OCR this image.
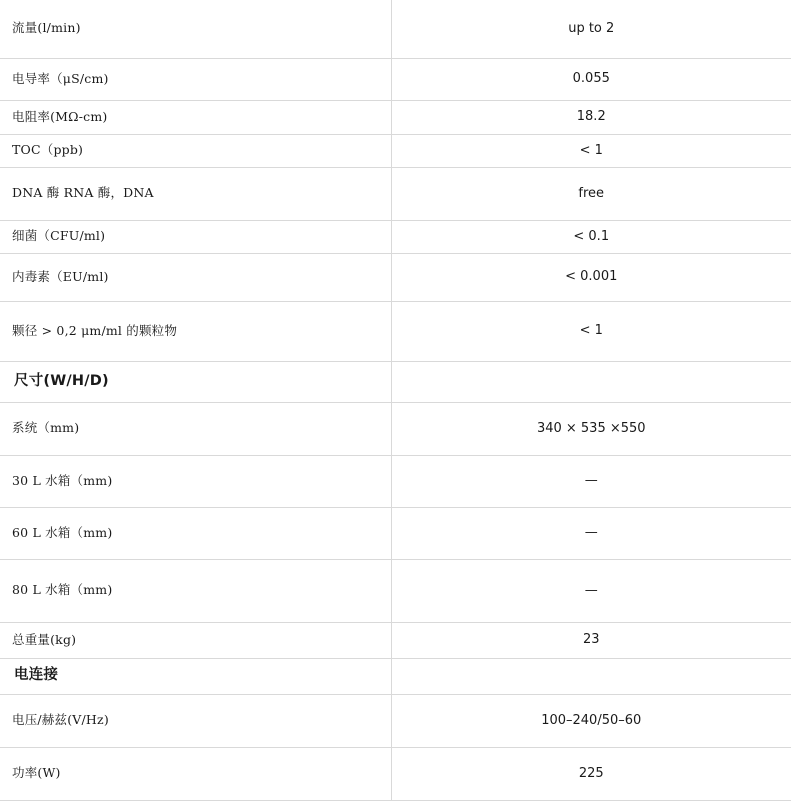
流量(l/min)	up to 2
电导率（μS/cm)	0.055
电阻率(MΩ-cm)	18.2
TOC（ppb)	< 1
DNA 酶 RNA 酶，DNA	free
细菌（CFU/ml)	< 0.1
内毒素（EU/ml)	< 0.001
颗径 > 0,2 μm/ml 的颗粒物	< 1
尺寸(W/H/D)	
系统（mm)	340 × 535 ×550
30 L 水箱（mm)	—
60 L 水箱（mm)	—
80 L 水箱（mm)	—
总重量(kg)	23
电连接	
电压/赫兹(V/Hz)	100–240/50–60
功率(W)	225
